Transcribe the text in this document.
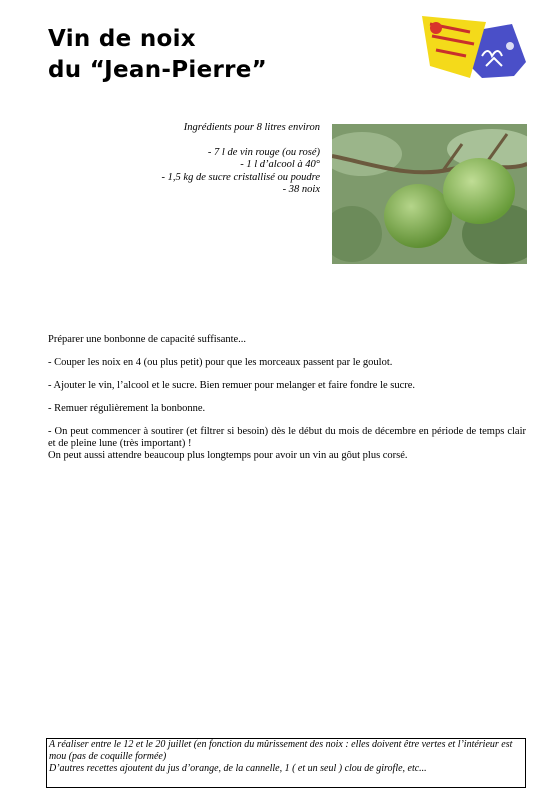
Vin de noix
du “Jean-Pierre”

Ingrédients pour 8 litres environ

- 7 l de vin rouge (ou rosé)
- 1 l d’alcool à 40°
- 1,5 kg de sucre cristallisé ou poudre
- 38 noix

Préparer une bonbonne de capacité suffisante...

- Couper les noix en 4 (ou plus petit) pour que les morceaux passent par le goulot.

- Ajouter le vin, l’alcool et le sucre. Bien remuer pour melanger et faire fondre le sucre.

- Remuer régulièrement la bonbonne.

- On peut commencer à soutirer (et filtrer si besoin) dès le début du mois de décembre en période de temps clair et de pleine lune (très important) !

On peut aussi attendre beaucoup plus longtemps pour avoir un vin au gôut plus corsé.

A réaliser entre le 12 et le 20 juillet (en fonction du mûrissement des noix : elles doivent être vertes et l’intérieur est mou (pas de coquille formée)

D’autres recettes ajoutent du jus d’orange, de la cannelle, 1 ( et un seul ) clou de girofle, etc...
